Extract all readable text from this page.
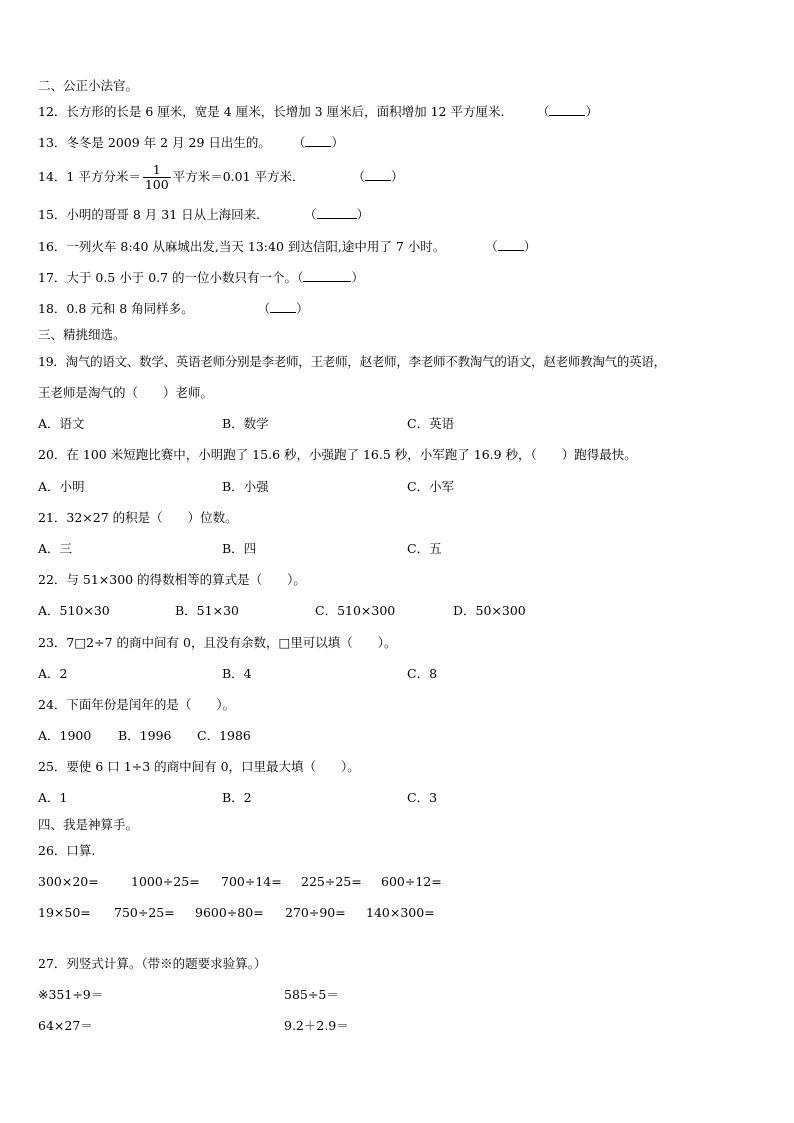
二、公正小法官。
12．长方形的长是 6 厘米，宽是 4 厘米，长增加 3 厘米后，面积增加 12 平方厘米． （	）
13．冬冬是 2009 年 2 月 29 日出生的。 （ ）
14．1 平方分米＝ $\frac{1}{100}$ 平方米＝0.01 平方米．	（ ）
15．小明的哥哥 8 月 31 日从上海回来.	（	）
16．一列火车 8:40 从麻城出发,当天 13:40 到达信阳,途中用了 7 小时。	（ ）
17．大于 0.5 小于 0.7 的一位小数只有一个。（	）
18．0.8 元和 8 角同样多。	（ ）
三、精挑细选。
19．淘气的语文、数学、英语老师分别是李老师，王老师，赵老师，李老师不教淘气的语文，赵老师教淘气的英语，
王老师是淘气的（　　）老师。
A．语文	B．数学	C．英语
20．在 100 米短跑比赛中，小明跑了 15.6 秒，小强跑了 16.5 秒，小军跑了 16.9 秒，（　　）跑得最快。
A．小明	B．小强	C．小军
21．32×27 的积是（　　）位数。
A．三	B．四	C．五
22．与 51×300 的得数相等的算式是（　　）。
A．510×30	B．51×30	C．510×300	D．50×300
23．7□2÷7 的商中间有 0，且没有余数，□里可以填（　　）。
A．2	B．4	C．8
24．下面年份是闰年的是（　　）。
A．1900 B．1996 C．1986
25．要使 6 口 1÷3 的商中间有 0，口里最大填（　　）。
A．1	B．2	C．3
四、我是神算手。
26．口算.
300×20=	1000÷25= 700÷14= 225÷25= 600÷12=
19×50= 750÷25= 9600÷80= 270÷90= 140×300=
27．列竖式计算。（带※的题要求验算。）
※351÷9＝	585÷5＝
64×27＝	9.2＋2.9＝
